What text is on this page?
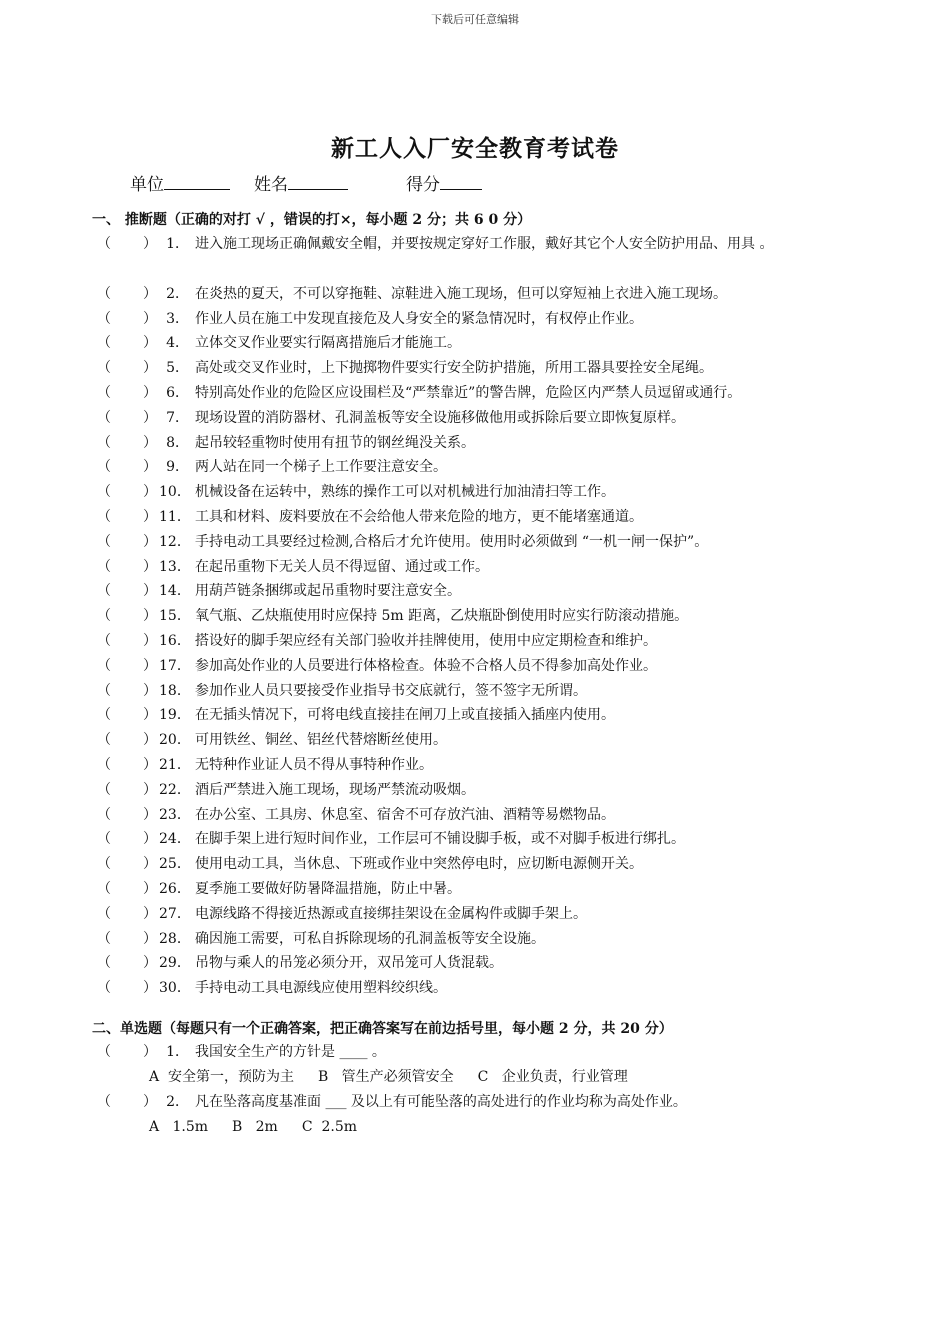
下载后可任意编辑
新工人入厂安全教育考试卷
单位	姓名	得分
一、 推断题（正确的对打 √ ，错误的打×，每小题 2 分；共 6 0 分）
（	） 1． 进入施工现场正确佩戴安全帽，并要按规定穿好工作服，戴好其它个人安全防护用品、用具 。
（	） 2． 在炎热的夏天，不可以穿拖鞋、凉鞋进入施工现场，但可以穿短袖上衣进入施工现场。
（	） 3． 作业人员在施工中发现直接危及人身安全的紧急情况时，有权停止作业。
（	） 4． 立体交叉作业要实行隔离措施后才能施工。
（	） 5． 高处或交叉作业时，上下抛掷物件要实行安全防护措施，所用工器具要拴安全尾绳。
（	） 6． 特别高处作业的危险区应设围栏及“严禁靠近”的警告牌，危险区内严禁人员逗留或通行。
（	） 7． 现场设置的消防器材、孔洞盖板等安全设施移做他用或拆除后要立即恢复原样。
（	） 8． 起吊较轻重物时使用有扭节的钢丝绳没关系。
（	） 9． 两人站在同一个梯子上工作要注意安全。
（	） 10． 机械设备在运转中，熟练的操作工可以对机械进行加油清扫等工作。
（	） 11． 工具和材料、废料要放在不会给他人带来危险的地方，更不能堵塞通道。
（	） 12． 手持电动工具要经过检测,合格后才允许使用。使用时必须做到 “一机一闸一保护”。
（	） 13． 在起吊重物下无关人员不得逗留、通过或工作。
（	） 14． 用葫芦链条捆绑或起吊重物时要注意安全。
（	） 15． 氧气瓶、乙炔瓶使用时应保持 5m 距离，乙炔瓶卧倒使用时应实行防滚动措施。
（	） 16． 搭设好的脚手架应经有关部门验收并挂牌使用，使用中应定期检查和维护。
（	） 17． 参加高处作业的人员要进行体格检查。体验不合格人员不得参加高处作业。
（	） 18． 参加作业人员只要接受作业指导书交底就行，签不签字无所谓。
（	） 19． 在无插头情况下，可将电线直接挂在闸刀上或直接插入插座内使用。
（	） 20． 可用铁丝、铜丝、铝丝代替熔断丝使用。
（	） 21． 无特种作业证人员不得从事特种作业。
（	） 22． 酒后严禁进入施工现场，现场严禁流动吸烟。
（	） 23． 在办公室、工具房、休息室、宿舍不可存放汽油、酒精等易燃物品。
（	） 24． 在脚手架上进行短时间作业，工作层可不铺设脚手板，或不对脚手板进行绑扎。
（	） 25． 使用电动工具，当休息、下班或作业中突然停电时，应切断电源侧开关。
（	） 26． 夏季施工要做好防暑降温措施，防止中暑。
（	） 27． 电源线路不得接近热源或直接绑挂架设在金属构件或脚手架上。
（	） 28． 确因施工需要，可私自拆除现场的孔洞盖板等安全设施。
（	） 29． 吊物与乘人的吊笼必须分开，双吊笼可人货混载。
（	） 30． 手持电动工具电源线应使用塑料绞织线。
二、单选题（每题只有一个正确答案，把正确答案写在前边括号里，每小题 2 分，共 20 分）
（	） 1． 我国安全生产的方针是 ____ 。
A  安全第一，预防为主 B   管生产必须管安全 C   企业负责，行业管理
（	） 2． 凡在坠落高度基准面 ___ 及以上有可能坠落的高处进行的作业均称为高处作业。
A   1.5m B   2m C  2.5m
